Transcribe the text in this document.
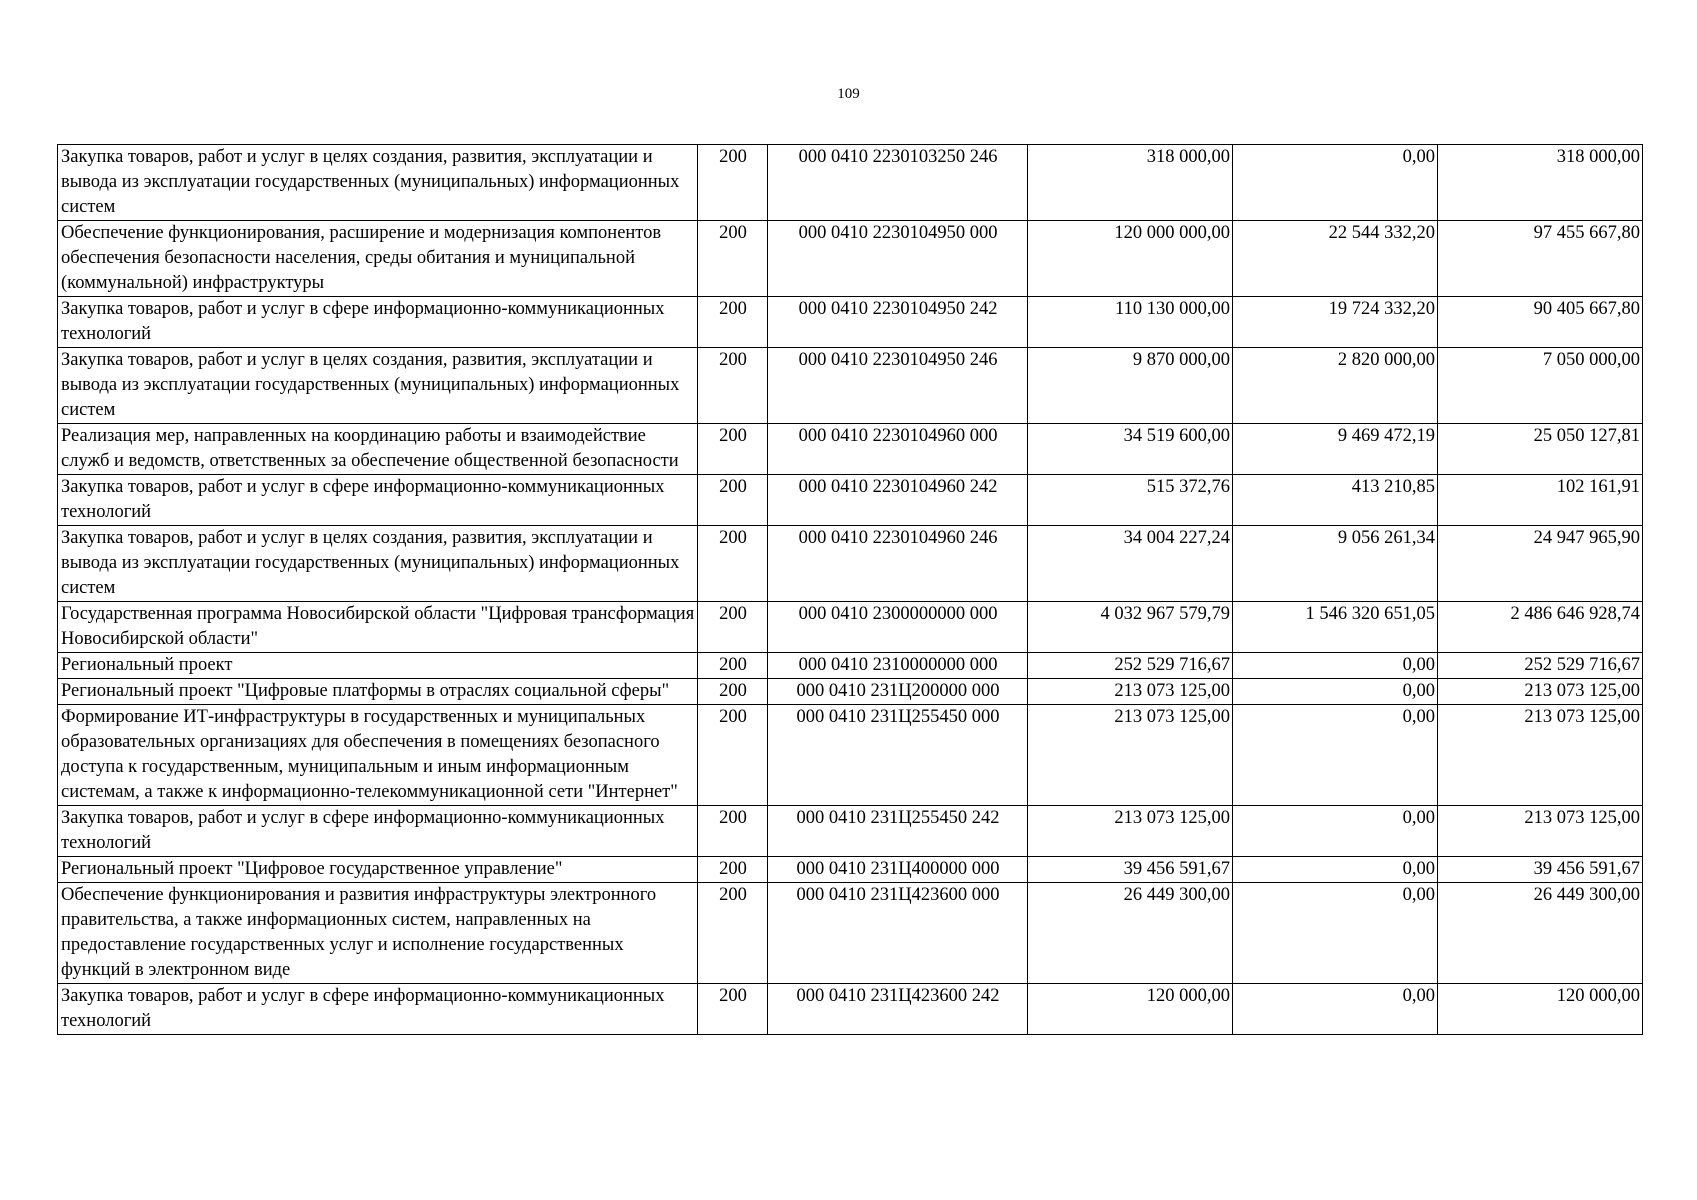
109
Закупка товаров, работ и услуг в целях создания, развития, эксплуатации и вывода из эксплуатации государственных (муниципальных) информационных систем	200	000 0410 2230103250 246	318 000,00	0,00	318 000,00
Обеспечение функционирования, расширение и модернизация компонентов обеспечения безопасности населения, среды обитания и муниципальной (коммунальной) инфраструктуры	200	000 0410 2230104950 000	120 000 000,00	22 544 332,20	97 455 667,80
Закупка товаров, работ и услуг в сфере информационно-коммуникационных технологий	200	000 0410 2230104950 242	110 130 000,00	19 724 332,20	90 405 667,80
Закупка товаров, работ и услуг в целях создания, развития, эксплуатации и вывода из эксплуатации государственных (муниципальных) информационных систем	200	000 0410 2230104950 246	9 870 000,00	2 820 000,00	7 050 000,00
Реализация мер, направленных на координацию работы и взаимодействие служб и ведомств, ответственных за обеспечение общественной безопасности	200	000 0410 2230104960 000	34 519 600,00	9 469 472,19	25 050 127,81
Закупка товаров, работ и услуг в сфере информационно-коммуникационных технологий	200	000 0410 2230104960 242	515 372,76	413 210,85	102 161,91
Закупка товаров, работ и услуг в целях создания, развития, эксплуатации и вывода из эксплуатации государственных (муниципальных) информационных систем	200	000 0410 2230104960 246	34 004 227,24	9 056 261,34	24 947 965,90
Государственная программа Новосибирской области "Цифровая трансформация Новосибирской области"	200	000 0410 2300000000 000	4 032 967 579,79	1 546 320 651,05	2 486 646 928,74
Региональный проект	200	000 0410 2310000000 000	252 529 716,67	0,00	252 529 716,67
Региональный проект "Цифровые платформы в отраслях социальной сферы"	200	000 0410 231Ц200000 000	213 073 125,00	0,00	213 073 125,00
Формирование ИТ-инфраструктуры в государственных и муниципальных образовательных организациях для обеспечения в помещениях безопасного доступа к государственным, муниципальным и иным информационным системам, а также к информационно-телекоммуникационной сети "Интернет"	200	000 0410 231Ц255450 000	213 073 125,00	0,00	213 073 125,00
Закупка товаров, работ и услуг в сфере информационно-коммуникационных технологий	200	000 0410 231Ц255450 242	213 073 125,00	0,00	213 073 125,00
Региональный проект "Цифровое государственное управление"	200	000 0410 231Ц400000 000	39 456 591,67	0,00	39 456 591,67
Обеспечение функционирования и развития инфраструктуры электронного правительства, а также информационных систем, направленных на предоставление государственных услуг и исполнение государственных функций в электронном виде	200	000 0410 231Ц423600 000	26 449 300,00	0,00	26 449 300,00
Закупка товаров, работ и услуг в сфере информационно-коммуникационных технологий	200	000 0410 231Ц423600 242	120 000,00	0,00	120 000,00
